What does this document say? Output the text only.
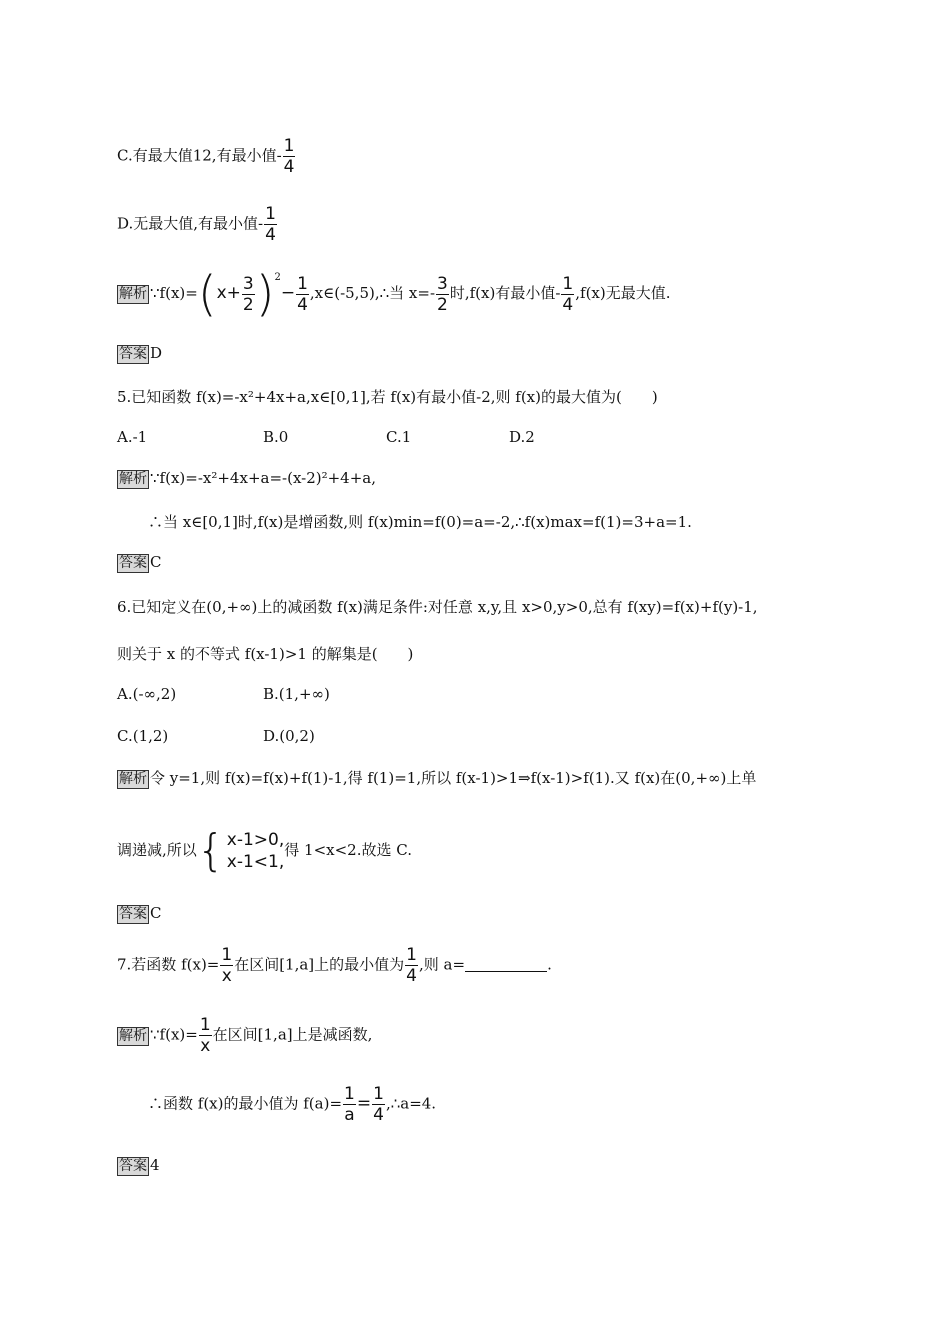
C.有最大值12,有最小值- $\frac{1}{4}$
D.无最大值,有最小值- $\frac{1}{4}$
解析 ∵f(x)=(x+ $\frac{3}{2} )^2- \frac{1}{4}$ ,x∈(-5,5),∴当 $x=- \frac{3}{2}$ 时,f(x)有最小值- $\frac{1}{4} ,f(x)$无最大值.
答案 D
5.已知函数 f(x)=-x²+4x+a,x∈[0,1],若 f(x)有最小值-2,则 f(x)的最大值为(　　)
A.-1	B.0	C.1	D.2
解析 ∵f(x)=-x²+4x+a=-(x-2)²+4+a,
∴当 x∈[0,1]时,f(x)是增函数,则 f(x)min=f(0)=a=-2,∴f(x)max=f(1)=3+a=1.
答案 C
6.已知定义在(0,+∞)上的减函数 f(x)满足条件:对任意 x,y,且 x>0,y>0,总有 f(xy)=f(x)+f(y)-1,
则关于 x 的不等式 f(x-1)>1 的解集是(　　)
A.(-∞,2)	B.(1,+∞)
C.(1,2)	D.(0,2)
解析 令 y=1,则 f(x)=f(x)+f(1)-1,得 f(1)=1,所以 f(x-1)>1⇒f(x-1)>f(1).又 f(x)在(0,+∞)上单
调递减,所以 { x-1>0,
x-1<1,
得 1<x<2.故选 C.
答案 C
7.若函数 $f(x)= \frac{1}{x}$ 在区间[1,a]上的最小值为 $\frac{1}{4}$ ,则 a=	.
解析 ∵f(x)= $\frac{1}{x}$ 在区间[1,a]上是减函数,
∴函数 f(x)的最小值为 $f(a)= \frac{1}{a} = \frac{1}{4}$ ,∴a=4.
答案 4
